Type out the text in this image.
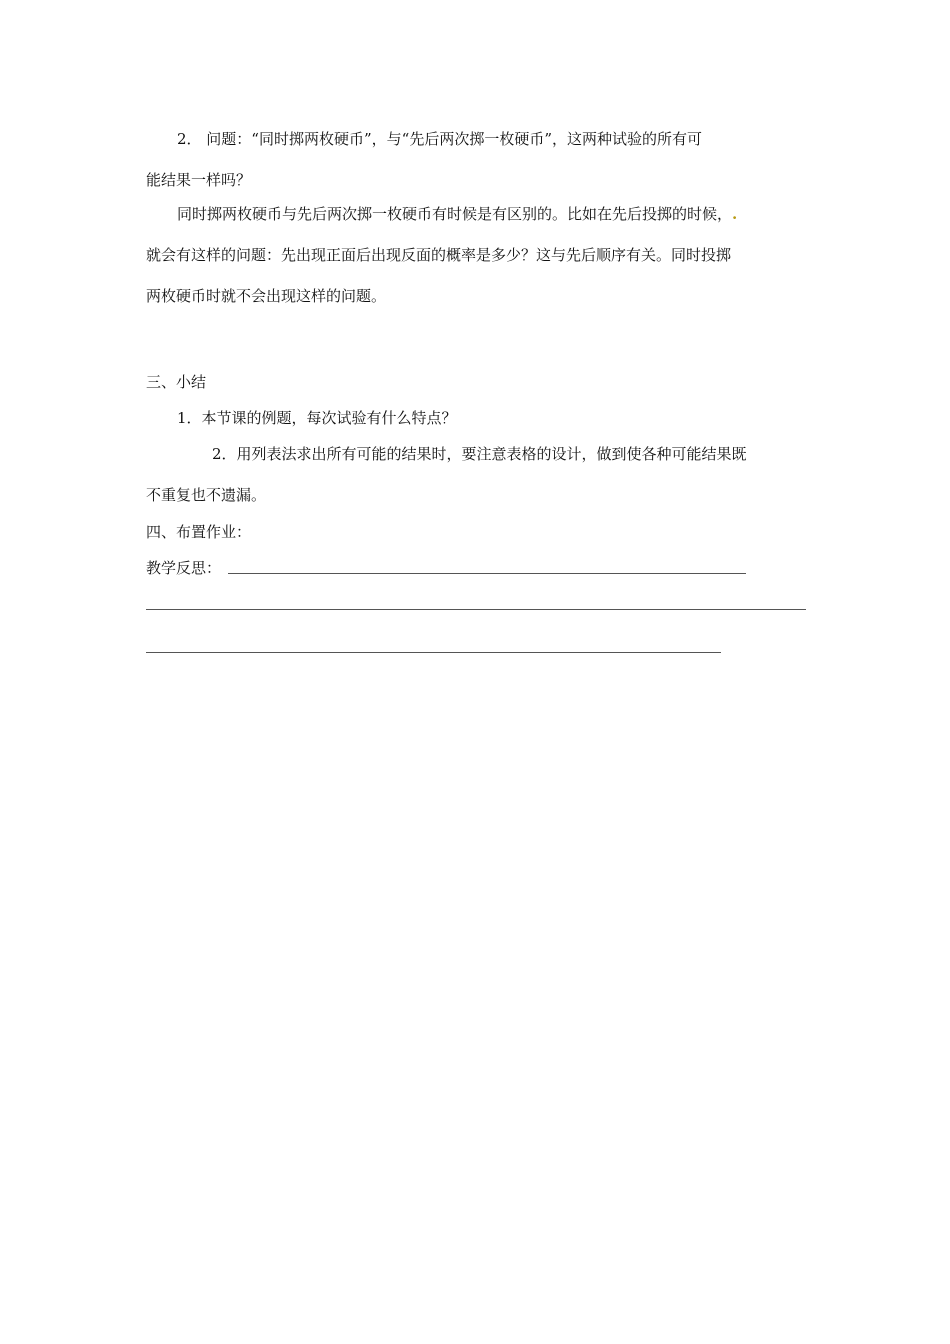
2． 问题：“同时掷两枚硬币”，与“先后两次掷一枚硬币”，这两种试验的所有可
能结果一样吗？
同时掷两枚硬币与先后两次掷一枚硬币有时候是有区别的。比如在先后投掷的时候，.
就会有这样的问题：先出现正面后出现反面的概率是多少？这与先后顺序有关。同时投掷
两枚硬币时就不会出现这样的问题。
三、小结
1．本节课的例题，每次试验有什么特点？
2．用列表法求出所有可能的结果时，要注意表格的设计，做到使各种可能结果既
不重复也不遗漏。
四、布置作业：
教学反思：
